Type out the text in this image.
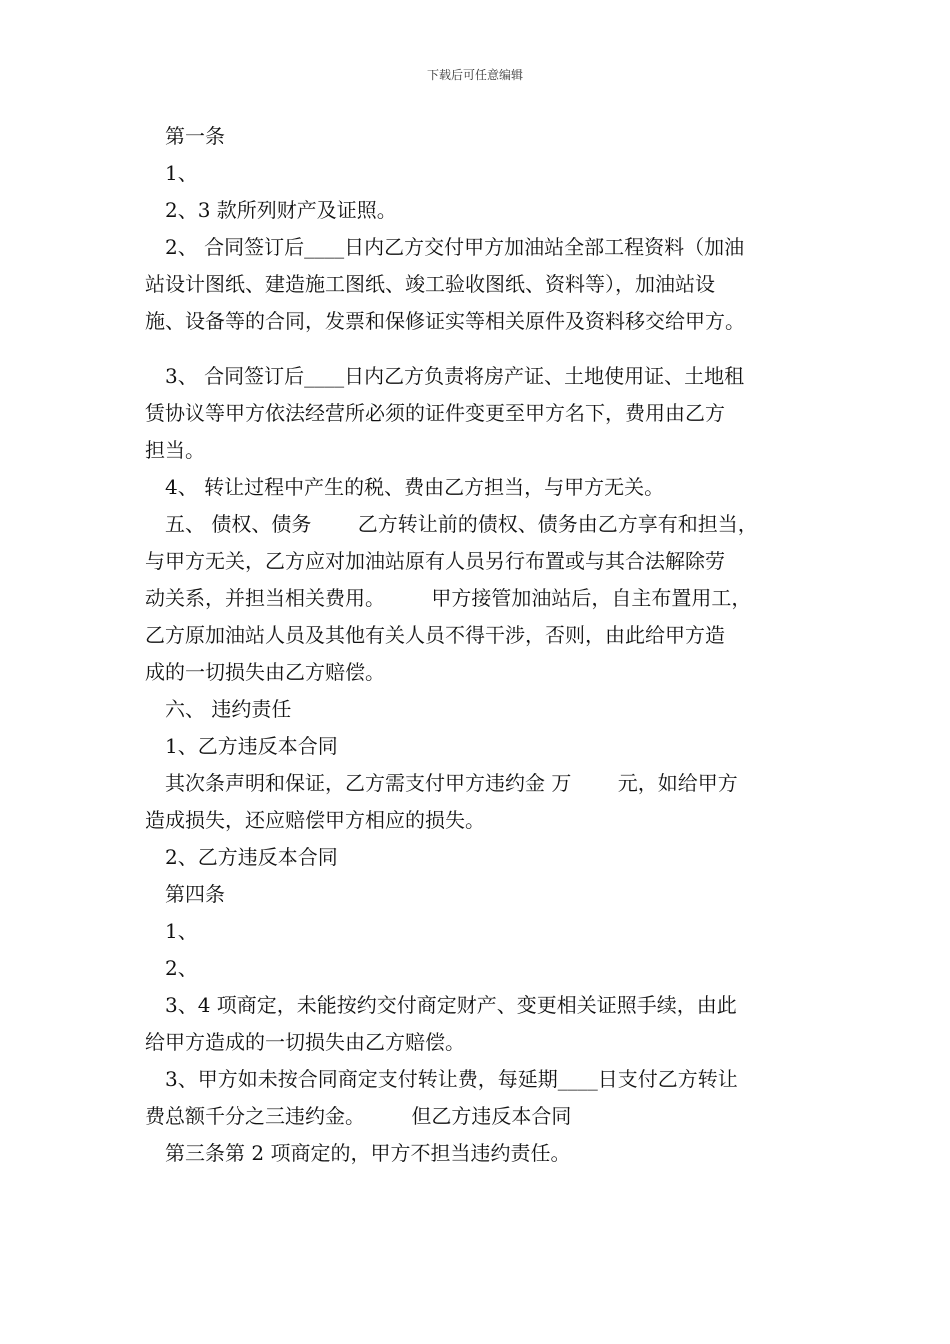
下载后可任意编辑

第一条

1、

2、3 款所列财产及证照。

2、 合同签订后____日内乙方交付甲方加油站全部工程资料（加油

站设计图纸、建造施工图纸、竣工验收图纸、资料等），加油站设

施、设备等的合同，发票和保修证实等相关原件及资料移交给甲方。

3、 合同签订后____日内乙方负责将房产证、土地使用证、土地租

赁协议等甲方依法经营所必须的证件变更至甲方名下，费用由乙方

担当。

4、 转让过程中产生的税、费由乙方担当，与甲方无关。

五、 债权、债务 　　乙方转让前的债权、债务由乙方享有和担当，

与甲方无关，乙方应对加油站原有人员另行布置或与其合法解除劳

动关系，并担当相关费用。 　　甲方接管加油站后，自主布置用工，

乙方原加油站人员及其他有关人员不得干涉，否则，由此给甲方造

成的一切损失由乙方赔偿。

六、 违约责任

1、乙方违反本合同

其次条声明和保证，乙方需支付甲方违约金 万 　　元，如给甲方

造成损失，还应赔偿甲方相应的损失。

2、乙方违反本合同

第四条

1、

2、

3、4 项商定，未能按约交付商定财产、变更相关证照手续，由此

给甲方造成的一切损失由乙方赔偿。

3、甲方如未按合同商定支付转让费，每延期____日支付乙方转让

费总额千分之三违约金。 　　但乙方违反本合同

第三条第 2 项商定的，甲方不担当违约责任。
